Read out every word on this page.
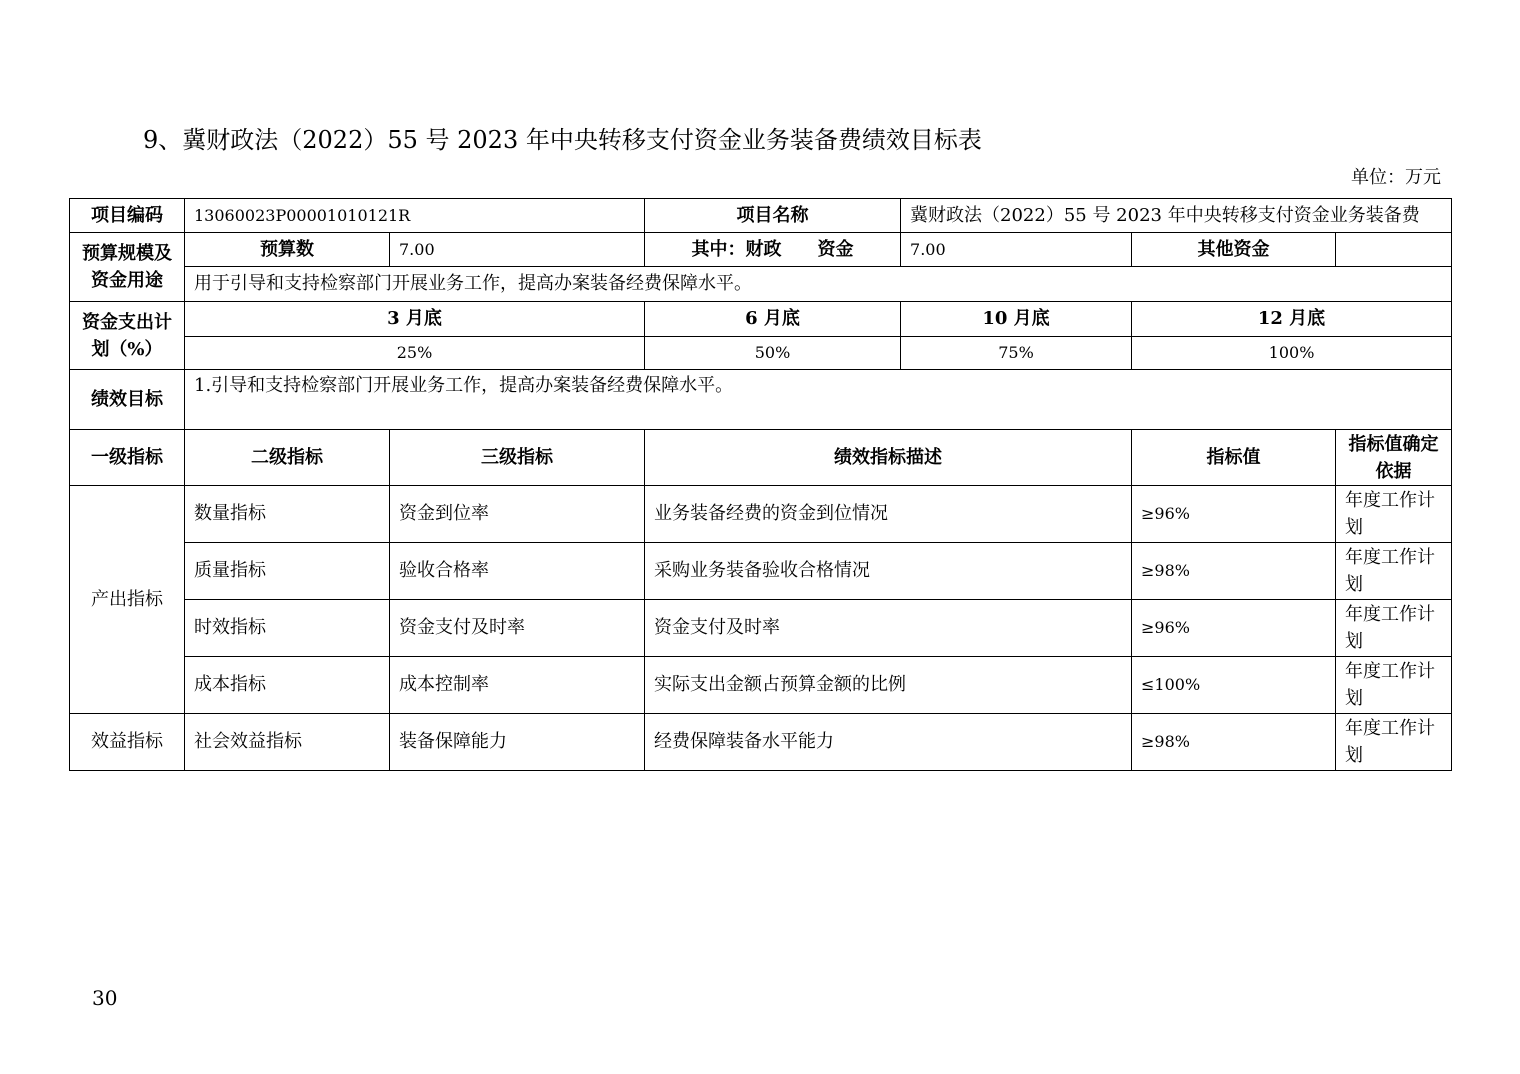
9、冀财政法（2022）55 号 2023 年中央转移支付资金业务装备费绩效目标表
单位：万元
项目编码	13060023P00001010121R		项目名称	冀财政法（2022）55 号 2023 年中央转移支付资金业务装备费		
预算规模及
资金用途	预算数	7.00	其中：财政　　资金	7.00	其他资金	
	用于引导和支持检察部门开展业务工作，提高办案装备经费保障水平。					
资金支出计
划（%）	3 月底		6 月底	10 月底	12 月底	
	25%		50%	75%	100%	
绩效目标	1.引导和支持检察部门开展业务工作，提高办案装备经费保障水平。					
一级指标	二级指标	三级指标	绩效指标描述		指标值	指标值确定依据
产出指标	数量指标	资金到位率	业务装备经费的资金到位情况		≥96%	年度工作计划
	质量指标	验收合格率	采购业务装备验收合格情况		≥98%	年度工作计划
	时效指标	资金支付及时率	资金支付及时率		≥96%	年度工作计划
	成本指标	成本控制率	实际支出金额占预算金额的比例		≤100%	年度工作计划
效益指标	社会效益指标	装备保障能力	经费保障装备水平能力		≥98%	年度工作计划
30
